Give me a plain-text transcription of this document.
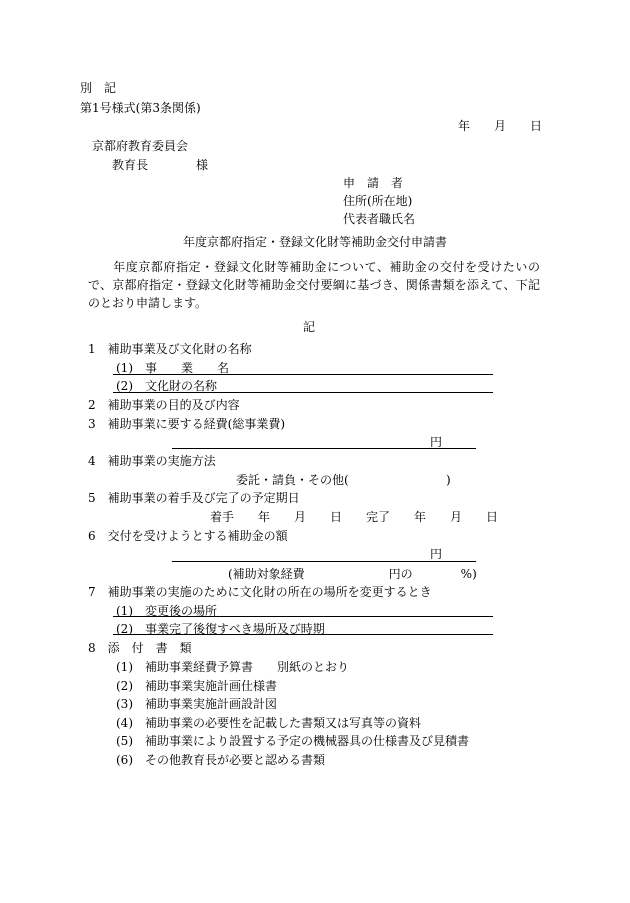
別　記
第1号様式(第3条関係)
年　　月　　日
京都府教育委員会
教育長　　　　様
申　請　者
住所(所在地)
代表者職氏名
年度京都府指定・登録文化財等補助金交付申請書
　　年度京都府指定・登録文化財等補助金について、補助金の交付を受けたいので、京都府指定・登録文化財等補助金交付要綱に基づき、関係書類を添えて、下記のとおり申請します。
記
1　補助事業及び文化財の名称
(1)　事　　業　　名
(2)　文化財の名称
2　補助事業の目的及び内容
3　補助事業に要する経費(総事業費)
円
4　補助事業の実施方法
委託・請負・その他(	)
5　補助事業の着手及び完了の予定期日
着手　　年　　月　　日　　完了　　年　　月　　日
6　交付を受けようとする補助金の額
円
(補助対象経費　　　　　　　円の　　　　%)
7　補助事業の実施のために文化財の所在の場所を変更するとき
(1)　変更後の場所
(2)　事業完了後復すべき場所及び時期
8　添　付　書　類
(1)　補助事業経費予算書　　別紙のとおり
(2)　補助事業実施計画仕様書
(3)　補助事業実施計画設計図
(4)　補助事業の必要性を記載した書類又は写真等の資料
(5)　補助事業により設置する予定の機械器具の仕様書及び見積書
(6)　その他教育長が必要と認める書類
